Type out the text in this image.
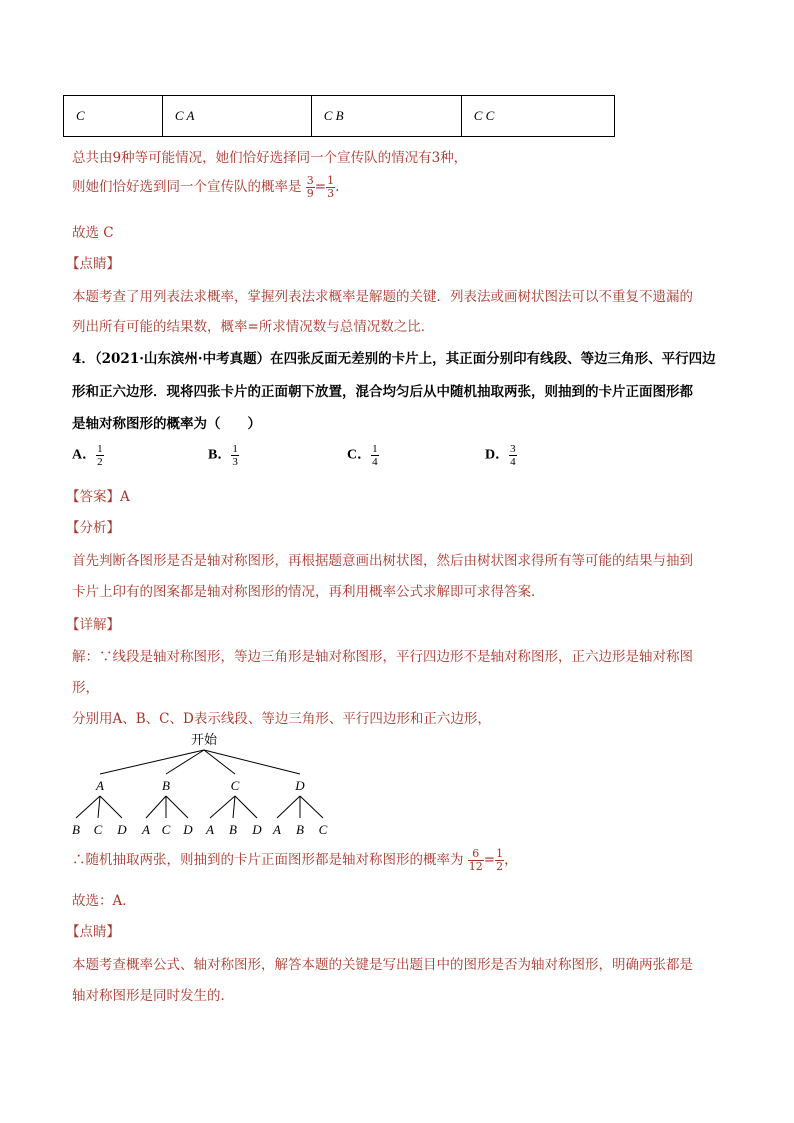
C	C A	C B	C C
总共由9种等可能情况，她们恰好选择同一个宣传队的情况有3种，
则她们恰好选到同一个宣传队的概率是 $\frac{3}{9} = \frac{1}{3}$ .
故选 C
【点睛】
本题考查了用列表法求概率，掌握列表法求概率是解题的关键．列表法或画树状图法可以不重复不遗漏的
列出所有可能的结果数，概率=所求情况数与总情况数之比．
4．（2021·山东滨州·中考真题）在四张反面无差别的卡片上，其正面分别印有线段、等边三角形、平行四边
形和正六边形．现将四张卡片的正面朝下放置，混合均匀后从中随机抽取两张，则抽到的卡片正面图形都
是轴对称图形的概率为（　　）
A． $\frac{1}{2}$	B． $\frac{1}{3}$	C． $\frac{1}{4}$	D． $\frac{3}{4}$
【答案】A
【分析】
首先判断各图形是否是轴对称图形，再根据题意画出树状图，然后由树状图求得所有等可能的结果与抽到
卡片上印有的图案都是轴对称图形的情况，再利用概率公式求解即可求得答案．
【详解】
解：∵线段是轴对称图形，等边三角形是轴对称图形，平行四边形不是轴对称图形，正六边形是轴对称图
形，
分别用A、B、C、D表示线段、等边三角形、平行四边形和正六边形，
开始
A	B	C	D
B C D A C D A B D A B C
∴随机抽取两张，则抽到的卡片正面图形都是轴对称图形的概率为 $\frac{6}{12} = \frac{1}{2}$ ，
故选：A．
【点睛】
本题考查概率公式、轴对称图形，解答本题的关键是写出题目中的图形是否为轴对称图形，明确两张都是
轴对称图形是同时发生的．
